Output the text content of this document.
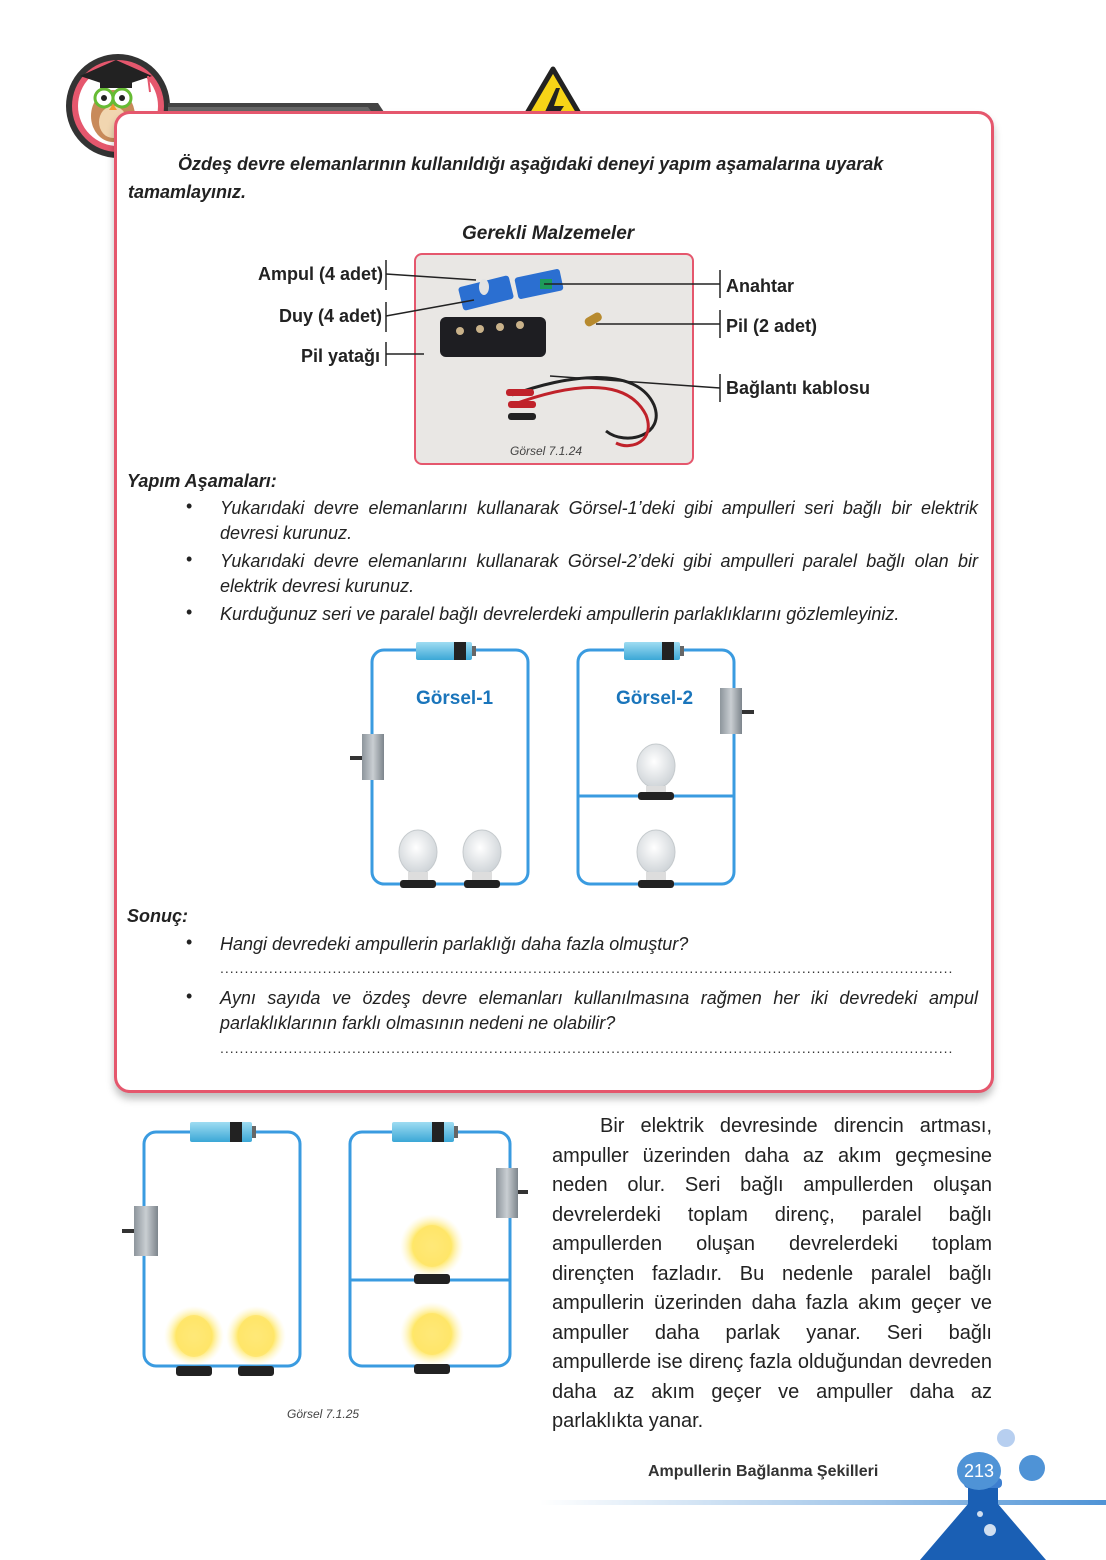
Özdeş devre elemanlarının kullanıldığı aşağıdaki deneyi yapım aşamalarına uyarak tamamlayınız.
Gerekli Malzemeler
Görsel 7.1.24
Ampul (4 adet)
Duy (4 adet)
Pil yatağı
Anahtar
Pil (2 adet)
Bağlantı kablosu
Yapım Aşamaları:
• Yukarıdaki devre elemanlarını kullanarak Görsel-1’deki gibi ampulleri seri bağlı bir elektrik devresi kurunuz.
• Yukarıdaki devre elemanlarını kullanarak Görsel-2’deki gibi ampulleri paralel bağlı olan bir elektrik devresi kurunuz.
• Kurduğunuz seri ve paralel bağlı devrelerdeki ampullerin parlaklıklarını gözlemleyiniz.
Görsel-1	Görsel-2
Sonuç:
• Hangi devredeki ampullerin parlaklığı daha fazla olmuştur?
......................................................................................................................................................
• Aynı sayıda ve özdeş devre elemanları kullanılmasına rağmen her iki devredeki ampul parlaklıklarının farklı olmasının nedeni ne olabilir?
......................................................................................................................................................
Görsel 7.1.25
Bir elektrik devresinde direncin artması, ampuller üzerinden daha az akım geçmesine neden olur. Seri bağlı ampullerden oluşan devrelerdeki toplam direnç, paralel bağlı ampullerden oluşan devrelerdeki toplam dirençten fazladır. Bu nedenle paralel bağlı ampullerin üzerinden daha fazla akım geçer ve ampuller daha parlak yanar. Seri bağlı ampullerde ise direnç fazla olduğundan devreden daha az akım geçer ve ampuller daha az parlaklıkta yanar.
Ampullerin Bağlanma Şekilleri	213
